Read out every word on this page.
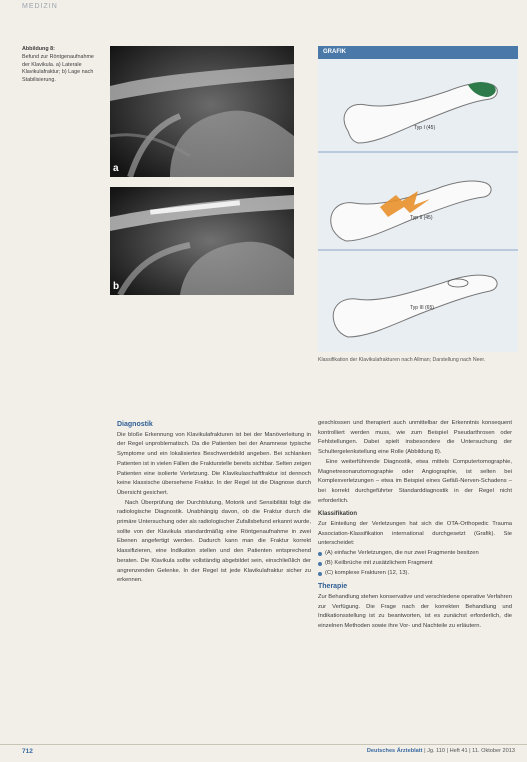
MEDIZIN
Abbildung 8:
Befund zur Röntgenaufnahme der Klavikula. a) Laterale Klavikulafraktur; b) Lage nach Stabilisierung.
a
b
GRAFIK
Typ I (45)
Typ II (45)
Typ III (65)
Klassifikation der Klavikulafrakturen nach Allman; Darstellung nach Neer.
Diagnostik

Die bloße Erkennung von Klavikulafrakturen ist bei der Manöverleitung in der Regel unproblematisch. Da die Patienten bei der Anamnese typische Symptome und ein lokalisiertes Beschwerdebild angeben. Bei schlanken Patienten ist in vielen Fällen die Frakturstelle bereits sichtbar. Selten zeigen Patienten eine isolierte Verletzung. Die Klavikulaschaftfraktur ist dennoch keine klassische übersehene Fraktur. In der Regel ist die Diagnose durch Übersicht gesichert.

Nach Überprüfung der Durchblutung, Motorik und Sensibilität folgt die radiologische Diagnostik. Unabhängig davon, ob die Fraktur durch die primäre Untersuchung oder als radiologischer Zufallsbefund erkannt wurde, sollte von der Klavikula standardmäßig eine Röntgenaufnahme in zwei Ebenen angefertigt werden. Dadurch kann man die Fraktur korrekt klassifizieren, eine Indikation stellen und den Patienten entsprechend beraten. Die Klavikula sollte vollständig abgebildet sein, einschließlich der angrenzenden Gelenke. In der Regel ist jede Klavikulafraktur sicher zu erkennen.

geschlossen und therapiert auch unmittelbar der Erkenntnis konsequent kontrolliert werden muss, wie zum Beispiel Pseudarthrosen oder Fehlstellungen. Dabei spielt insbesondere die Untersuchung der Schultergelenkstellung eine Rolle (Abbildung 8).

Eine weiterführende Diagnostik, etwa mittels Computertomographie, Magnetresonanztomographie oder Angiographie, ist selten bei Komplexverletzungen – etwa im Beispiel eines Gefäß-Nerven-Schadens – bei korrekt durchgeführter Standarddiagnostik in der Regel nicht erforderlich.

Klassifikation

Zur Einteilung der Verletzungen hat sich die OTA-Orthopedic Trauma Association-Klassifikation international durchgesetzt (Grafik). Sie unterscheidet:

(A) einfache Verletzungen, die nur zwei Fragmente besitzen
(B) Keilbrüche mit zusätzlichem Fragment
(C) komplexe Frakturen (12, 13).
Therapie

Zur Behandlung stehen konservative und verschiedene operative Verfahren zur Verfügung. Die Frage nach der korrekten Behandlung und Indikationsstellung ist zu beantworten, ist es zunächst erforderlich, die einzelnen Methoden sowie ihre Vor- und Nachteile zu erläutern.

712	Deutsches Ärzteblatt | Jg. 110 | Heft 41 | 11. Oktober 2013
